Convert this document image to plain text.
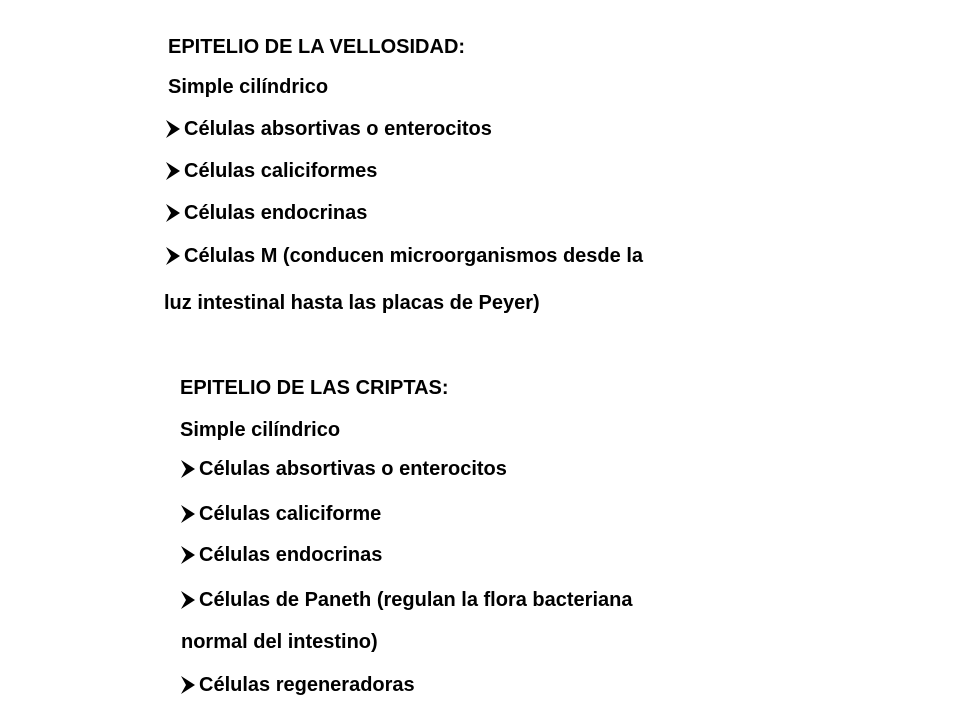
EPITELIO DE LA VELLOSIDAD:
Simple cilíndrico
Células absortivas o enterocitos
Células caliciformes
Células endocrinas
Células M (conducen microorganismos desde la
luz intestinal hasta las placas de Peyer)
EPITELIO DE LAS CRIPTAS:
Simple cilíndrico
Células absortivas o enterocitos
Células caliciforme
Células endocrinas
Células de Paneth (regulan la flora bacteriana
normal del intestino)
Células regeneradoras
